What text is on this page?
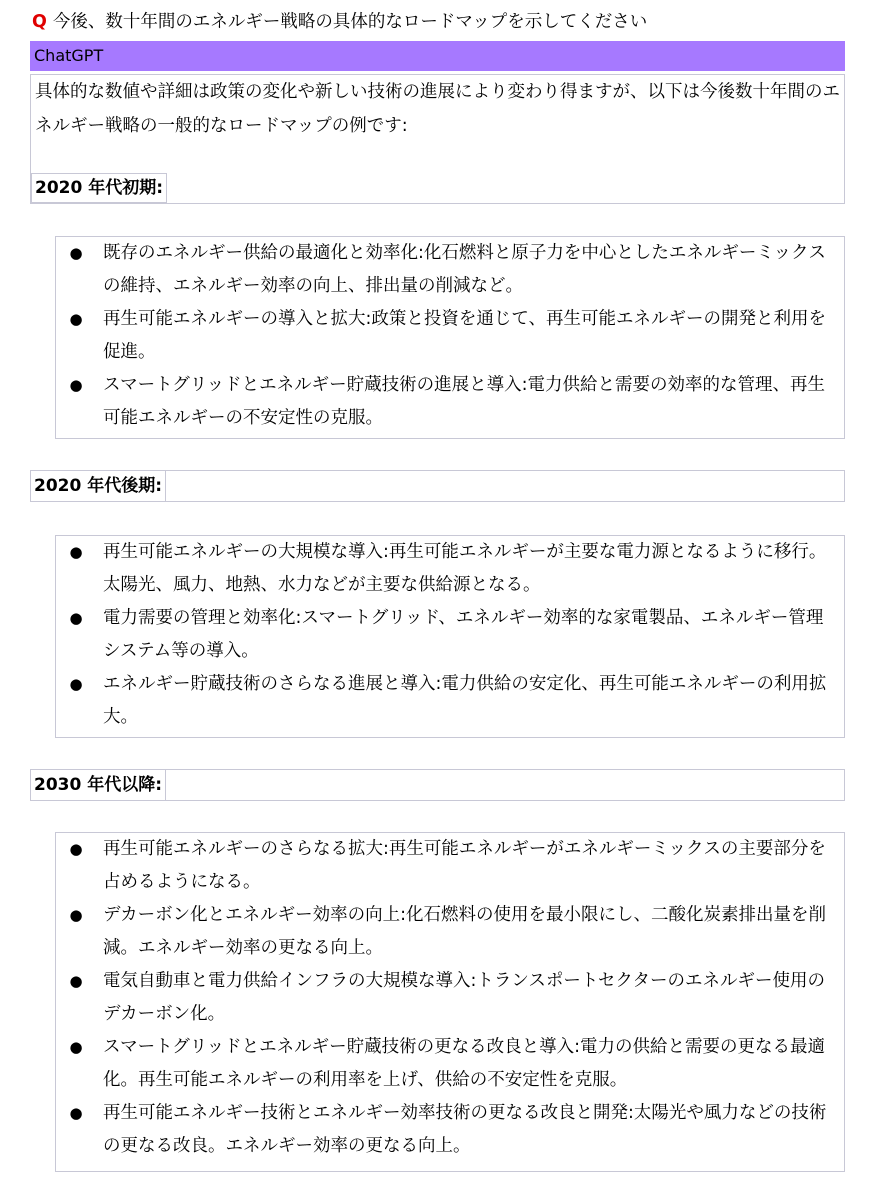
Q 今後、数十年間のエネルギー戦略の具体的なロードマップを示してください
ChatGPT

具体的な数値や詳細は政策の変化や新しい技術の進展により変わり得ますが、以下は今後数十年間のエネルギー戦略の一般的なロードマップの例です:

2020 年代初期:
● 既存のエネルギー供給の最適化と効率化:化石燃料と原子力を中心としたエネルギーミックスの維持、エネルギー効率の向上、排出量の削減など。
● 再生可能エネルギーの導入と拡大:政策と投資を通じて、再生可能エネルギーの開発と利用を促進。
● スマートグリッドとエネルギー貯蔵技術の進展と導入:電力供給と需要の効率的な管理、再生可能エネルギーの不安定性の克服。
2020 年代後期:
● 再生可能エネルギーの大規模な導入:再生可能エネルギーが主要な電力源となるように移行。太陽光、風力、地熱、水力などが主要な供給源となる。
● 電力需要の管理と効率化:スマートグリッド、エネルギー効率的な家電製品、エネルギー管理システム等の導入。
● エネルギー貯蔵技術のさらなる進展と導入:電力供給の安定化、再生可能エネルギーの利用拡大。
2030 年代以降:
● 再生可能エネルギーのさらなる拡大:再生可能エネルギーがエネルギーミックスの主要部分を占めるようになる。
● デカーボン化とエネルギー効率の向上:化石燃料の使用を最小限にし、二酸化炭素排出量を削減。エネルギー効率の更なる向上。
● 電気自動車と電力供給インフラの大規模な導入:トランスポートセクターのエネルギー使用のデカーボン化。
● スマートグリッドとエネルギー貯蔵技術の更なる改良と導入:電力の供給と需要の更なる最適化。再生可能エネルギーの利用率を上げ、供給の不安定性を克服。
● 再生可能エネルギー技術とエネルギー効率技術の更なる改良と開発:太陽光や風力などの技術の更なる改良。エネルギー効率の更なる向上。
